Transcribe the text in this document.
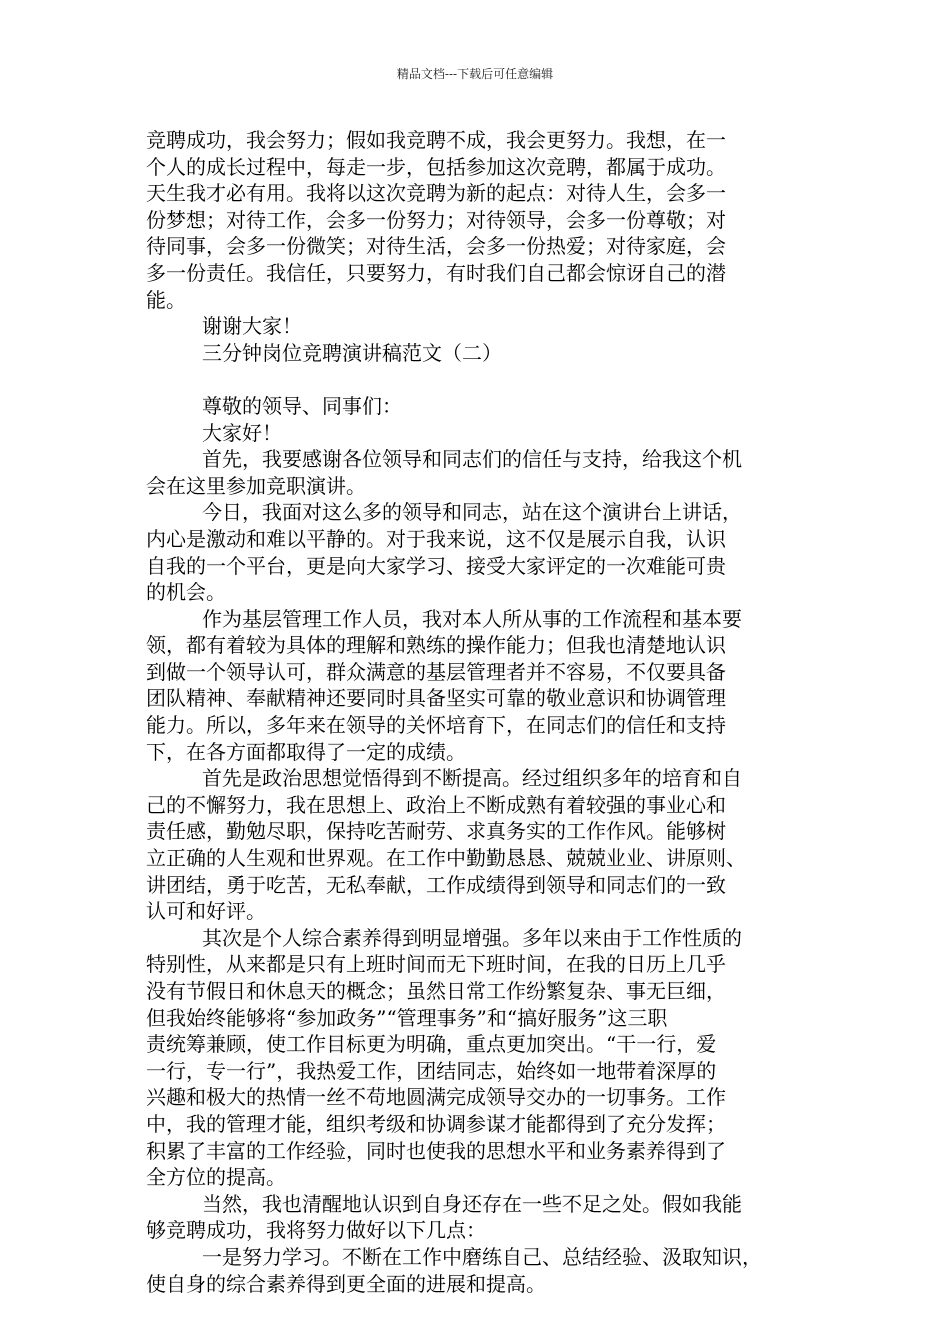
精品文档---下载后可任意编辑

竞聘成功，我会努力；假如我竞聘不成，我会更努力。我想，在一

个人的成长过程中，每走一步，包括参加这次竞聘，都属于成功。

天生我才必有用。我将以这次竞聘为新的起点：对待人生，会多一

份梦想；对待工作，会多一份努力；对待领导，会多一份尊敬；对

待同事，会多一份微笑；对待生活，会多一份热爱；对待家庭，会

多一份责任。我信任，只要努力，有时我们自己都会惊讶自己的潜

能。

谢谢大家！

三分钟岗位竞聘演讲稿范文（二）

尊敬的领导、同事们：

大家好！

首先，我要感谢各位领导和同志们的信任与支持，给我这个机

会在这里参加竞职演讲。

今日，我面对这么多的领导和同志，站在这个演讲台上讲话，

内心是激动和难以平静的。对于我来说，这不仅是展示自我，认识

自我的一个平台，更是向大家学习、接受大家评定的一次难能可贵

的机会。

作为基层管理工作人员，我对本人所从事的工作流程和基本要

领，都有着较为具体的理解和熟练的操作能力；但我也清楚地认识

到做一个领导认可，群众满意的基层管理者并不容易，不仅要具备

团队精神、奉献精神还要同时具备坚实可靠的敬业意识和协调管理

能力。所以，多年来在领导的关怀培育下，在同志们的信任和支持

下，在各方面都取得了一定的成绩。

首先是政治思想觉悟得到不断提高。经过组织多年的培育和自

己的不懈努力，我在思想上、政治上不断成熟有着较强的事业心和

责任感，勤勉尽职，保持吃苦耐劳、求真务实的工作作风。能够树

立正确的人生观和世界观。在工作中勤勤恳恳、兢兢业业、讲原则、

讲团结，勇于吃苦，无私奉献，工作成绩得到领导和同志们的一致

认可和好评。

其次是个人综合素养得到明显增强。多年以来由于工作性质的

特别性，从来都是只有上班时间而无下班时间，在我的日历上几乎

没有节假日和休息天的概念；虽然日常工作纷繁复杂、事无巨细，

但我始终能够将“参加政务”“管理事务”和“搞好服务”这三职

责统筹兼顾，使工作目标更为明确，重点更加突出。“干一行，爱

一行，专一行”，我热爱工作，团结同志，始终如一地带着深厚的

兴趣和极大的热情一丝不苟地圆满完成领导交办的一切事务。工作

中，我的管理才能，组织考级和协调参谋才能都得到了充分发挥；

积累了丰富的工作经验，同时也使我的思想水平和业务素养得到了

全方位的提高。

当然，我也清醒地认识到自身还存在一些不足之处。假如我能

够竞聘成功，我将努力做好以下几点：

一是努力学习。不断在工作中磨练自己、总结经验、汲取知识，

使自身的综合素养得到更全面的进展和提高。
